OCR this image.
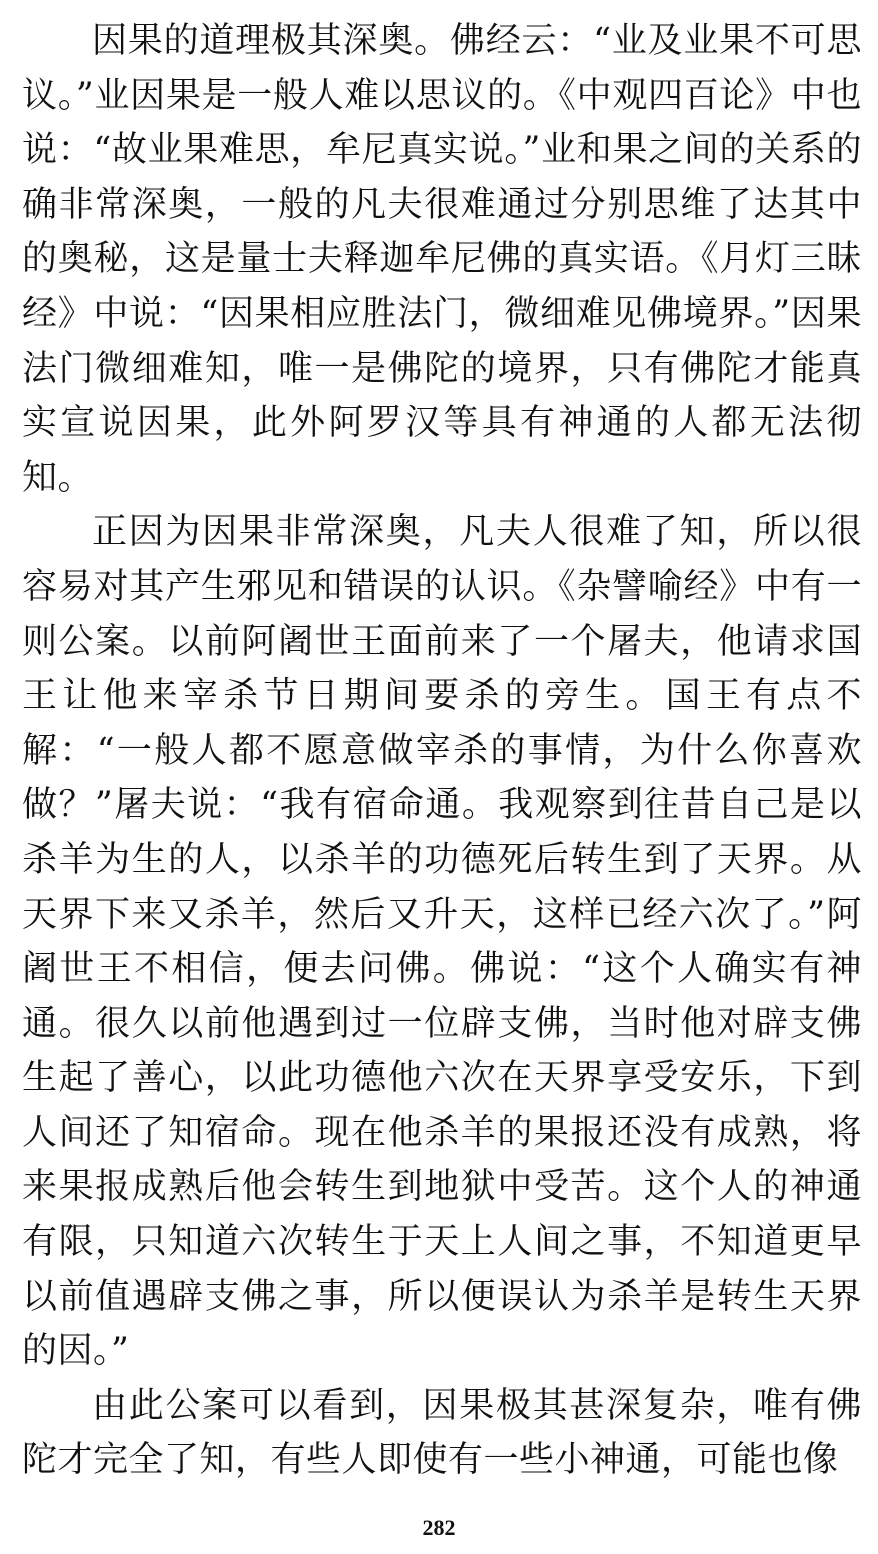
因果的道理极其深奥。佛经云：“业及业果不可思议。”业因果是一般人难以思议的。《中观四百论》中也说：“故业果难思，牟尼真实说。”业和果之间的关系的确非常深奥，一般的凡夫很难通过分别思维了达其中的奥秘，这是量士夫释迦牟尼佛的真实语。《月灯三昧经》中说：“因果相应胜法门，微细难见佛境界。”因果法门微细难知，唯一是佛陀的境界，只有佛陀才能真实宣说因果，此外阿罗汉等具有神通的人都无法彻知。

正因为因果非常深奥，凡夫人很难了知，所以很容易对其产生邪见和错误的认识。《杂譬喻经》中有一则公案。以前阿阇世王面前来了一个屠夫，他请求国王让他来宰杀节日期间要杀的旁生。国王有点不解：“一般人都不愿意做宰杀的事情，为什么你喜欢做？”屠夫说：“我有宿命通。我观察到往昔自己是以杀羊为生的人，以杀羊的功德死后转生到了天界。从天界下来又杀羊，然后又升天，这样已经六次了。”阿阇世王不相信，便去问佛。佛说：“这个人确实有神通。很久以前他遇到过一位辟支佛，当时他对辟支佛生起了善心，以此功德他六次在天界享受安乐，下到人间还了知宿命。现在他杀羊的果报还没有成熟，将来果报成熟后他会转生到地狱中受苦。这个人的神通有限，只知道六次转生于天上人间之事，不知道更早以前值遇辟支佛之事，所以便误认为杀羊是转生天界的因。”

由此公案可以看到，因果极其甚深复杂，唯有佛陀才完全了知，有些人即使有一些小神通，可能也像

282
